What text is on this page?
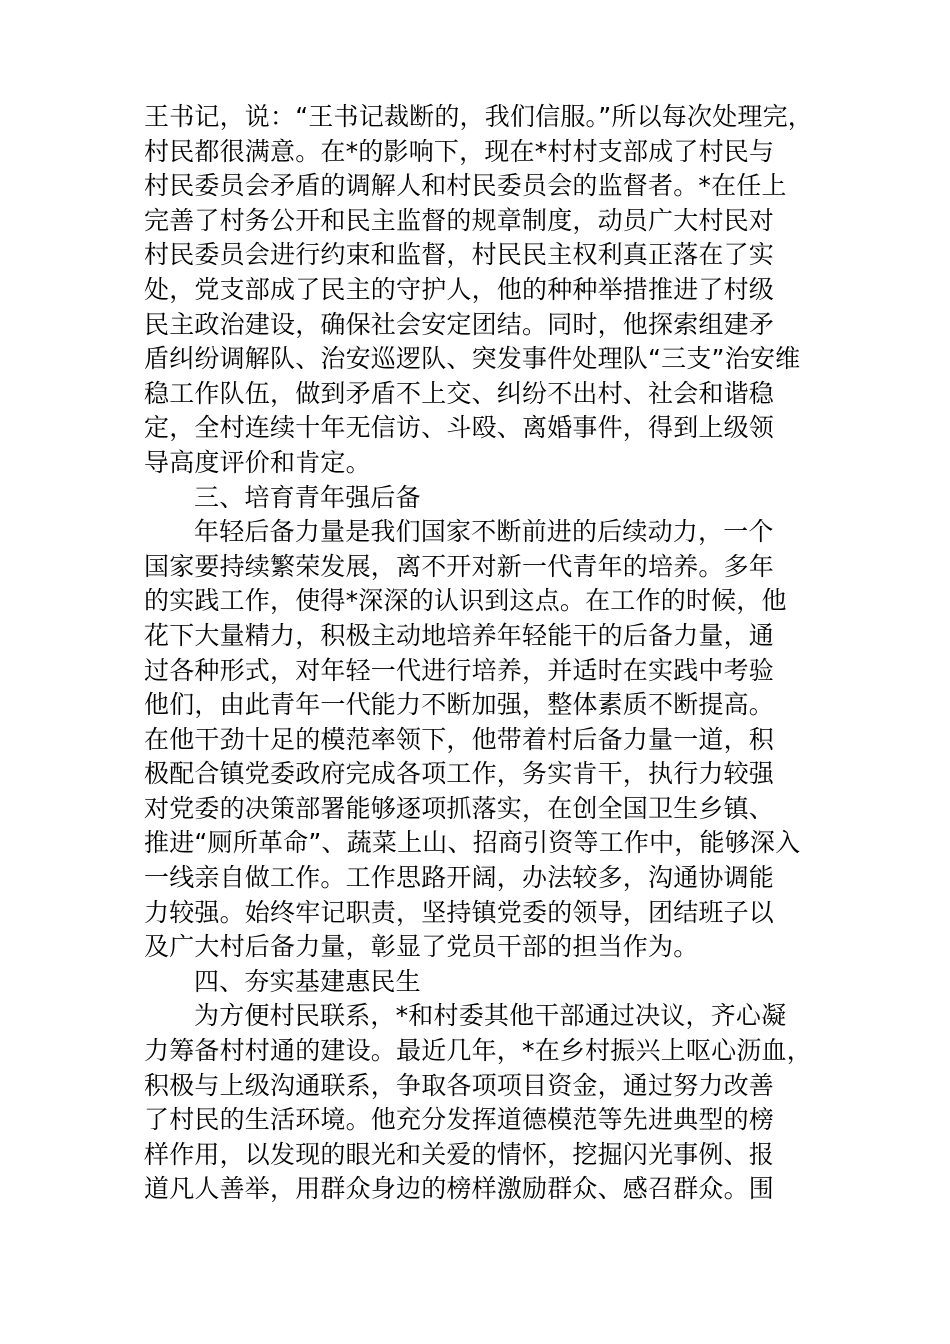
王书记，说：“王书记裁断的，我们信服。”所以每次处理完，
村民都很满意。在*的影响下，现在*村村支部成了村民与
村民委员会矛盾的调解人和村民委员会的监督者。*在任上
完善了村务公开和民主监督的规章制度，动员广大村民对
村民委员会进行约束和监督，村民民主权利真正落在了实
处，党支部成了民主的守护人，他的种种举措推进了村级
民主政治建设，确保社会安定团结。同时，他探索组建矛
盾纠纷调解队、治安巡逻队、突发事件处理队“三支”治安维
稳工作队伍，做到矛盾不上交、纠纷不出村、社会和谐稳
定，全村连续十年无信访、斗殴、离婚事件，得到上级领
导高度评价和肯定。
三、培育青年强后备
年轻后备力量是我们国家不断前进的后续动力，一个
国家要持续繁荣发展，离不开对新一代青年的培养。多年
的实践工作，使得*深深的认识到这点。在工作的时候，他
花下大量精力，积极主动地培养年轻能干的后备力量，通
过各种形式，对年轻一代进行培养，并适时在实践中考验
他们，由此青年一代能力不断加强，整体素质不断提高。
在他干劲十足的模范率领下，他带着村后备力量一道，积
极配合镇党委政府完成各项工作，务实肯干，执行力较强
对党委的决策部署能够逐项抓落实，在创全国卫生乡镇、
推进“厕所革命”、蔬菜上山、招商引资等工作中，能够深入
一线亲自做工作。工作思路开阔，办法较多，沟通协调能
力较强。始终牢记职责，坚持镇党委的领导，团结班子以
及广大村后备力量，彰显了党员干部的担当作为。
四、夯实基建惠民生
为方便村民联系，*和村委其他干部通过决议，齐心凝
力筹备村村通的建设。最近几年，*在乡村振兴上呕心沥血，
积极与上级沟通联系，争取各项项目资金，通过努力改善
了村民的生活环境。他充分发挥道德模范等先进典型的榜
样作用，以发现的眼光和关爱的情怀，挖掘闪光事例、报
道凡人善举，用群众身边的榜样激励群众、感召群众。围
